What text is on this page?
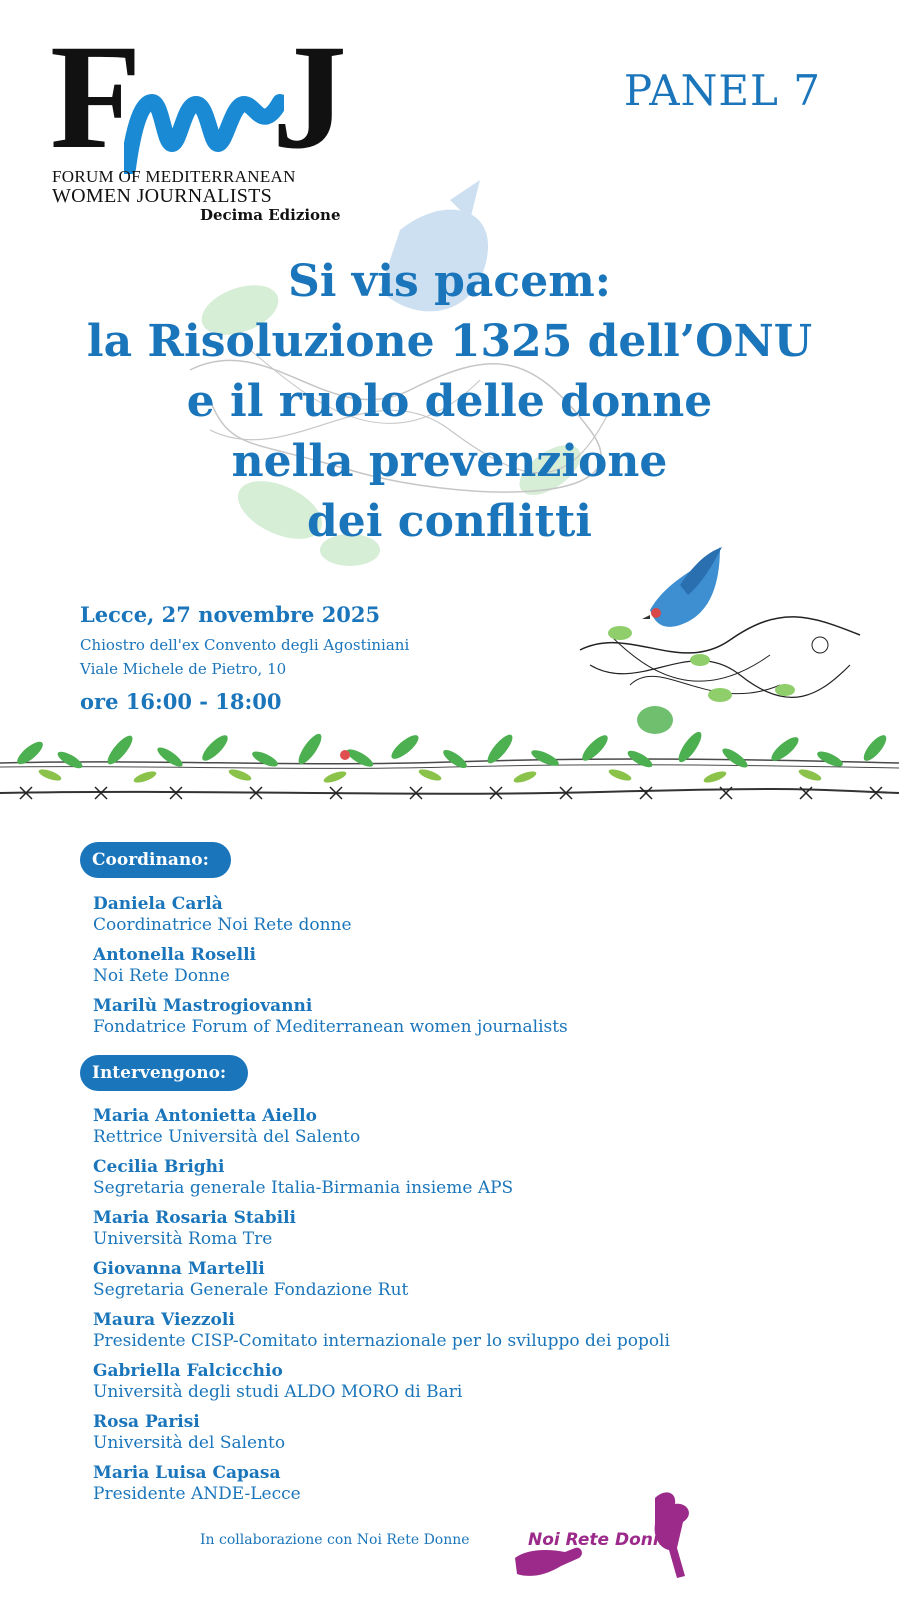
F J
FORUM OF MEDITERRANEAN
WOMEN JOURNALISTS
Decima Edizione
PANEL 7
Si vis pacem:
la Risoluzione 1325 dell’ONU
e il ruolo delle donne
nella prevenzione
dei conflitti
Lecce, 27 novembre 2025
Chiostro dell'ex Convento degli Agostiniani
Viale Michele de Pietro, 10
ore 16:00 - 18:00
Coordinano:
Daniela Carlà
Coordinatrice Noi Rete donne
Antonella Roselli
Noi Rete Donne
Marilù Mastrogiovanni
Fondatrice Forum of Mediterranean women journalists
Intervengono:
Maria Antonietta Aiello
Rettrice Università del Salento
Cecilia Brighi
Segretaria generale Italia-Birmania insieme APS
Maria Rosaria Stabili
Università Roma Tre
Giovanna Martelli
Segretaria Generale Fondazione Rut
Maura Viezzoli
Presidente CISP-Comitato internazionale per lo sviluppo dei popoli
Gabriella Falcicchio
Università degli studi ALDO MORO di Bari
Rosa Parisi
Università del Salento
Maria Luisa Capasa
Presidente ANDE-Lecce
In collaborazione con Noi Rete Donne	Noi Rete Donne
